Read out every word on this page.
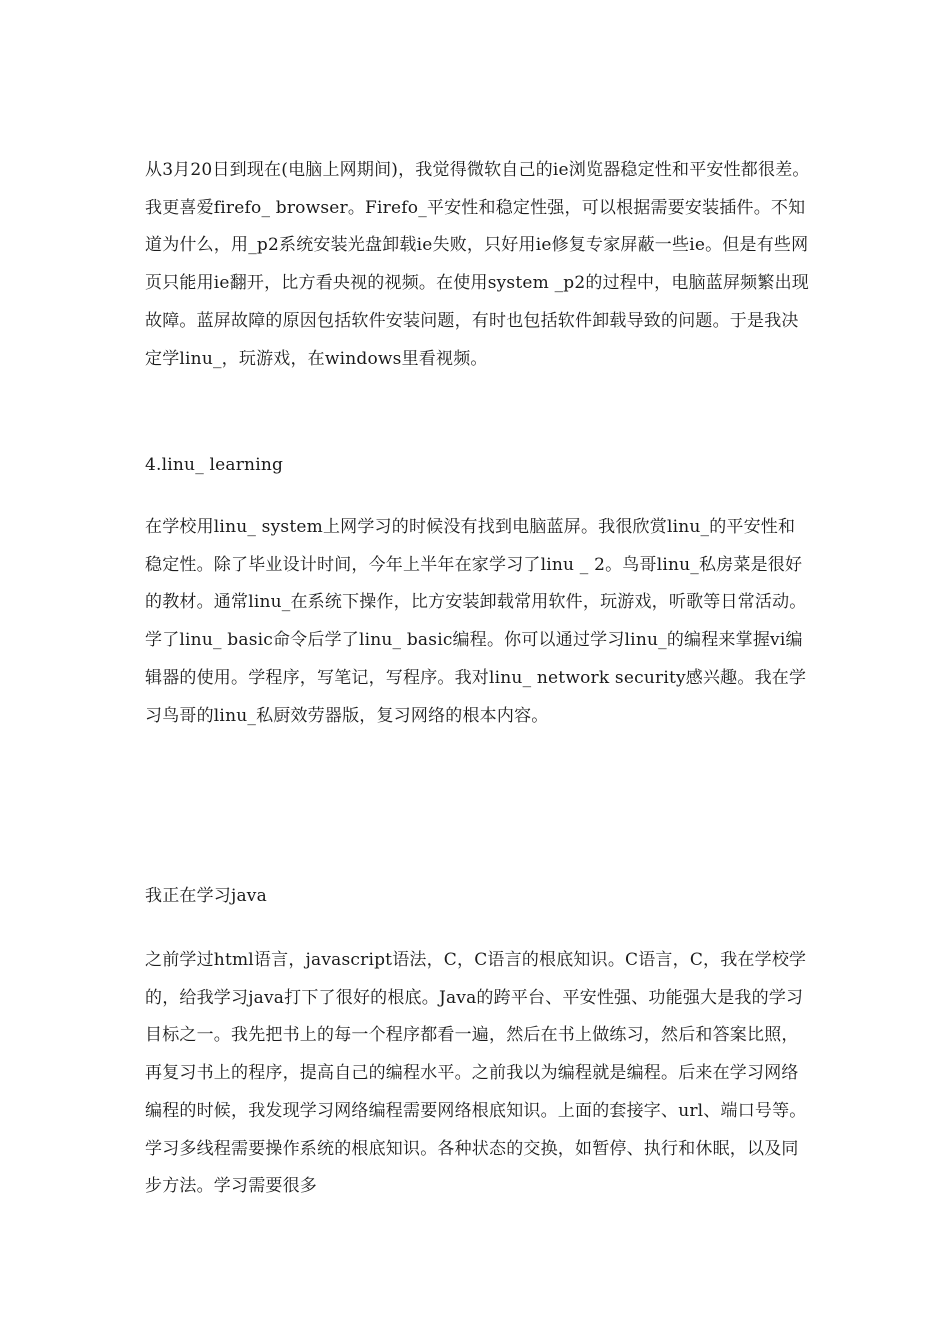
从3月20日到现在(电脑上网期间)，我觉得微软自己的ie浏览器稳定性和平安性都很差。我更喜爱firefo_ browser。Firefo_平安性和稳定性强，可以根据需要安装插件。不知道为什么，用_p2系统安装光盘卸载ie失败，只好用ie修复专家屏蔽一些ie。但是有些网页只能用ie翻开，比方看央视的视频。在使用system _p2的过程中，电脑蓝屏频繁出现故障。蓝屏故障的原因包括软件安装问题，有时也包括软件卸载导致的问题。于是我决定学linu_，玩游戏，在windows里看视频。

4.linu_ learning

在学校用linu_ system上网学习的时候没有找到电脑蓝屏。我很欣赏linu_的平安性和稳定性。除了毕业设计时间，今年上半年在家学习了linu _ 2。鸟哥linu_私房菜是很好的教材。通常linu_在系统下操作，比方安装卸载常用软件，玩游戏，听歌等日常活动。学了linu_ basic命令后学了linu_ basic编程。你可以通过学习linu_的编程来掌握vi编辑器的使用。学程序，写笔记，写程序。我对linu_ network security感兴趣。我在学习鸟哥的linu_私厨效劳器版，复习网络的根本内容。

我正在学习java

之前学过html语言，javascript语法，C，C语言的根底知识。C语言，C，我在学校学的，给我学习java打下了很好的根底。Java的跨平台、平安性强、功能强大是我的学习目标之一。我先把书上的每一个程序都看一遍，然后在书上做练习，然后和答案比照，再复习书上的程序，提高自己的编程水平。之前我以为编程就是编程。后来在学习网络编程的时候，我发现学习网络编程需要网络根底知识。上面的套接字、url、端口号等。学习多线程需要操作系统的根底知识。各种状态的交换，如暂停、执行和休眠，以及同步方法。学习需要很多
